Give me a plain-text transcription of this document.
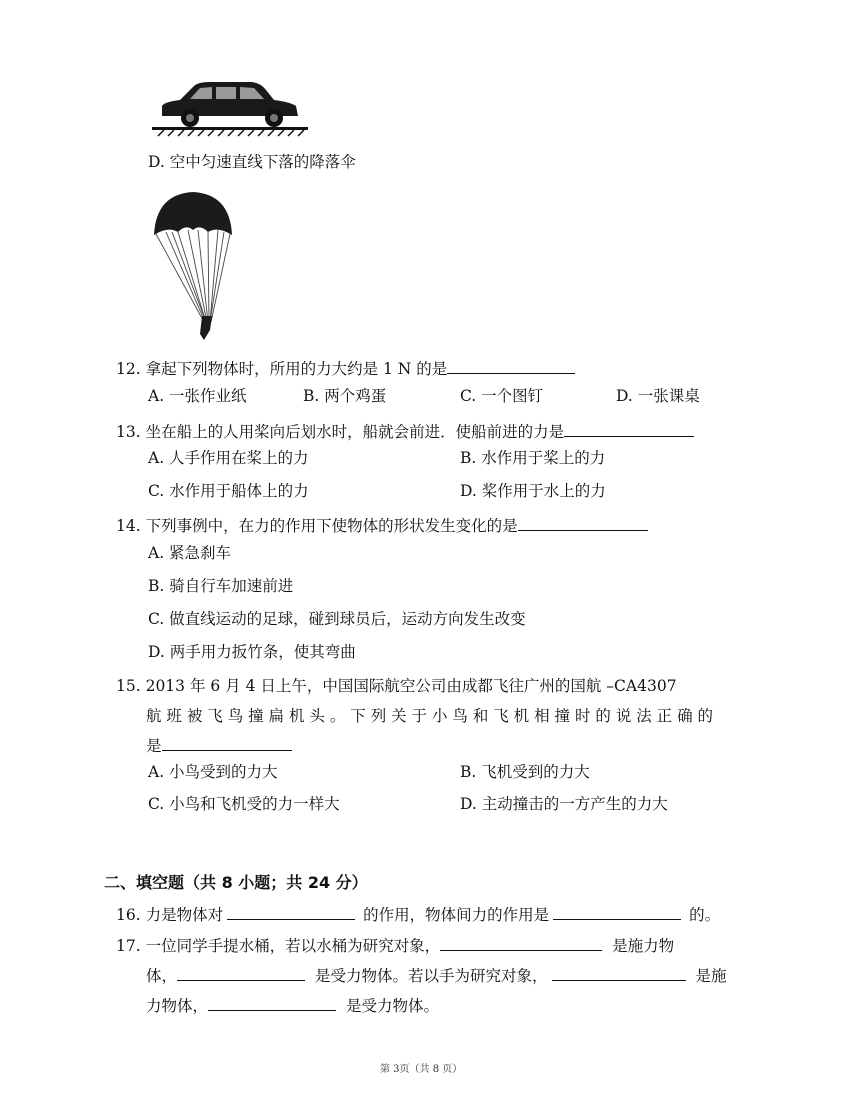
D. 空中匀速直线下落的降落伞
12. 拿起下列物体时，所用的力大约是 1 N 的是
A. 一张作业纸	B. 两个鸡蛋	C. 一个图钉	D. 一张课桌
13. 坐在船上的人用桨向后划水时，船就会前进．使船前进的力是
A. 人手作用在桨上的力	B. 水作用于桨上的力
C. 水作用于船体上的力	D. 桨作用于水上的力
14. 下列事例中，在力的作用下使物体的形状发生变化的是
A. 紧急刹车
B. 骑自行车加速前进
C. 做直线运动的足球，碰到球员后，运动方向发生改变
D. 两手用力扳竹条，使其弯曲
15. 2013 年 6 月 4 日上午，中国国际航空公司由成都飞往广州的国航 –CA4307
航 班 被 飞 鸟 撞 扁 机 头 。 下 列 关 于 小 鸟 和 飞 机 相 撞 时 的 说 法 正 确 的
是
A. 小鸟受到的力大	B. 飞机受到的力大
C. 小鸟和飞机受的力一样大	D. 主动撞击的一方产生的力大
二、填空题（共 8 小题；共 24 分）
16. 力是物体对	的作用，物体间力的作用是	的。
17. 一位同学手提水桶，若以水桶为研究对象，	是施力物
体，	是受力物体。若以手为研究对象，	是施
力物体，	是受力物体。
第 3页（共 8 页）
